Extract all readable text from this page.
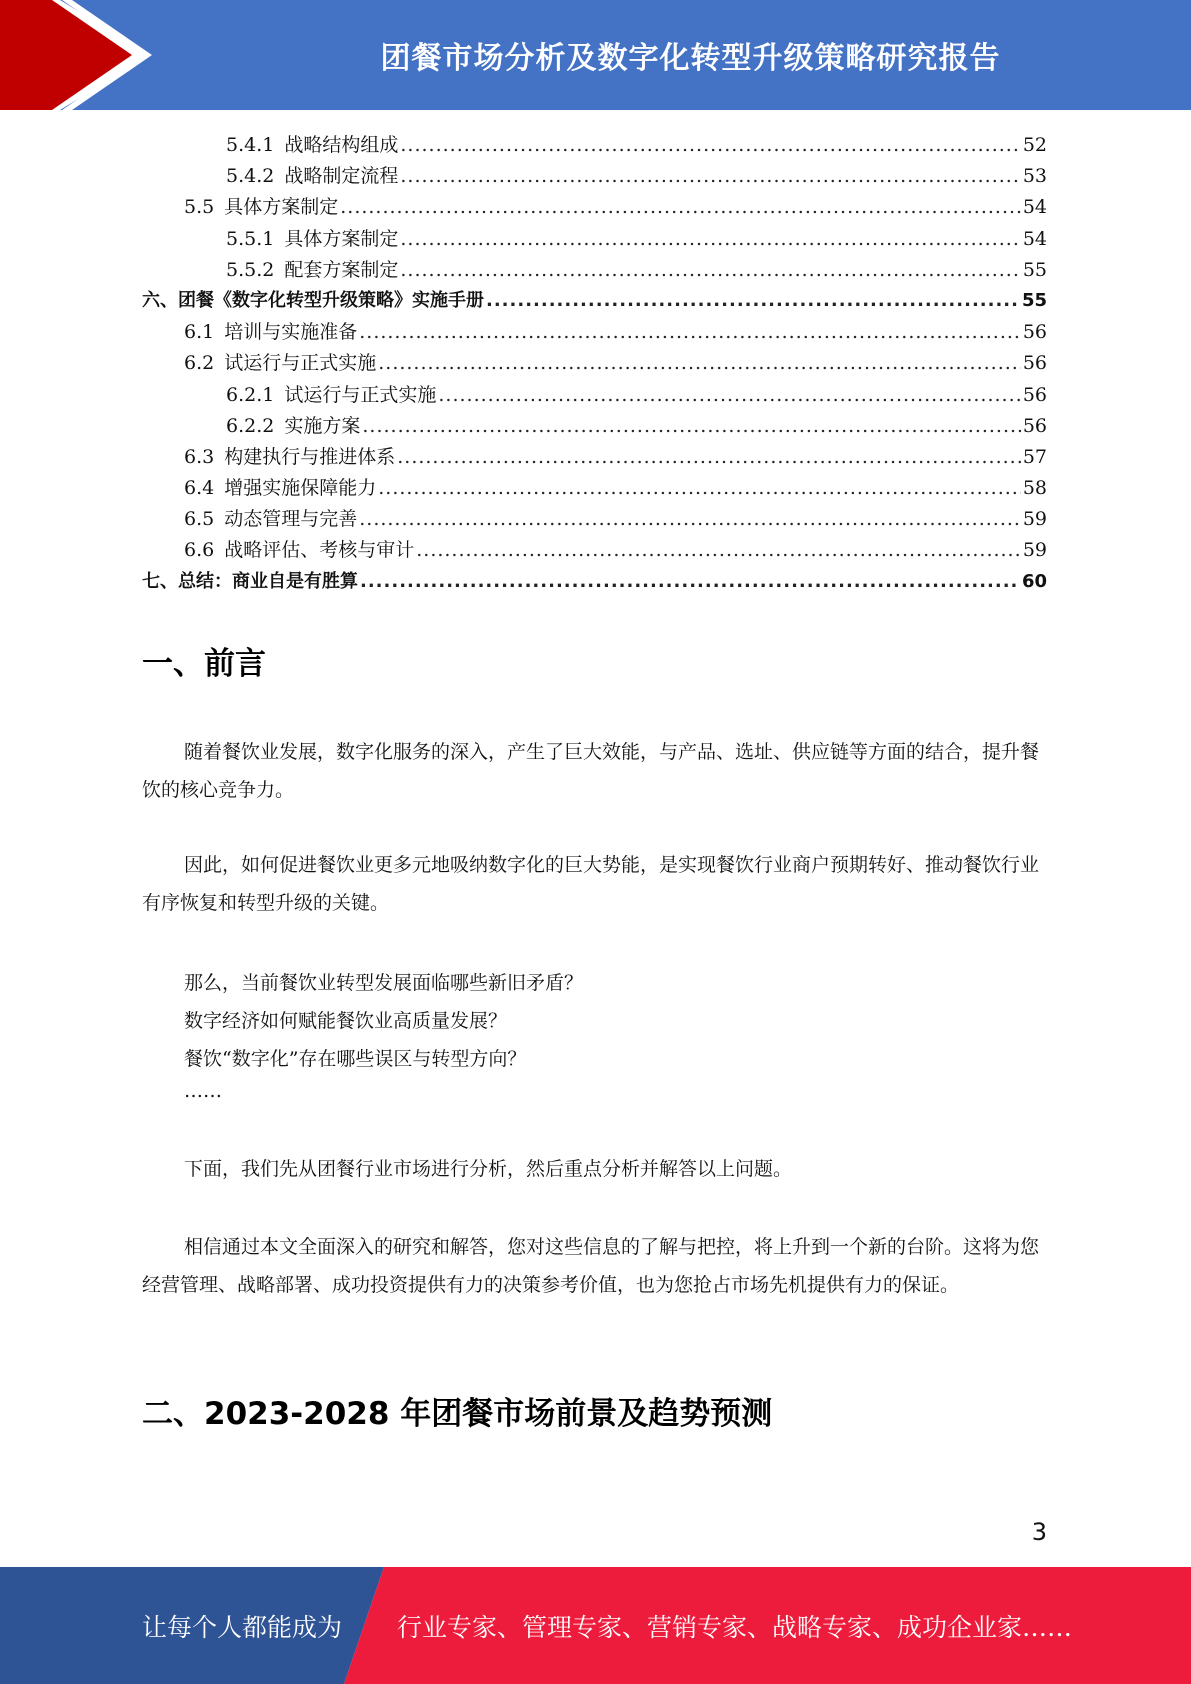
团餐市场分析及数字化转型升级策略研究报告
5.4.1 战略结构组成 .....	52
5.4.2 战略制定流程 .....	53
5.5 具体方案制定 .....	54
5.5.1 具体方案制定 .....	54
5.5.2 配套方案制定 .....	55
六、团餐《数字化转型升级策略》实施手册 .....	55
6.1 培训与实施准备 .....	56
6.2 试运行与正式实施 .....	56
6.2.1 试运行与正式实施 .....	56
6.2.2 实施方案 .....	56
6.3 构建执行与推进体系 .....	57
6.4 增强实施保障能力 .....	58
6.5 动态管理与完善 .....	59
6.6 战略评估、考核与审计 .....	59
七、总结：商业自是有胜算 .....	60
一、前言
随着餐饮业发展，数字化服务的深入，产生了巨大效能，与产品、选址、供应链等方面的结合，提升餐饮的核心竞争力。
因此，如何促进餐饮业更多元地吸纳数字化的巨大势能，是实现餐饮行业商户预期转好、推动餐饮行业有序恢复和转型升级的关键。
那么，当前餐饮业转型发展面临哪些新旧矛盾？
数字经济如何赋能餐饮业高质量发展？
餐饮“数字化”存在哪些误区与转型方向？
……
下面，我们先从团餐行业市场进行分析，然后重点分析并解答以上问题。
相信通过本文全面深入的研究和解答，您对这些信息的了解与把控，将上升到一个新的台阶。这将为您经营管理、战略部署、成功投资提供有力的决策参考价值，也为您抢占市场先机提供有力的保证。
二、2023-2028 年团餐市场前景及趋势预测
3
让每个人都能成为 行业专家、管理专家、营销专家、战略专家、成功企业家……
